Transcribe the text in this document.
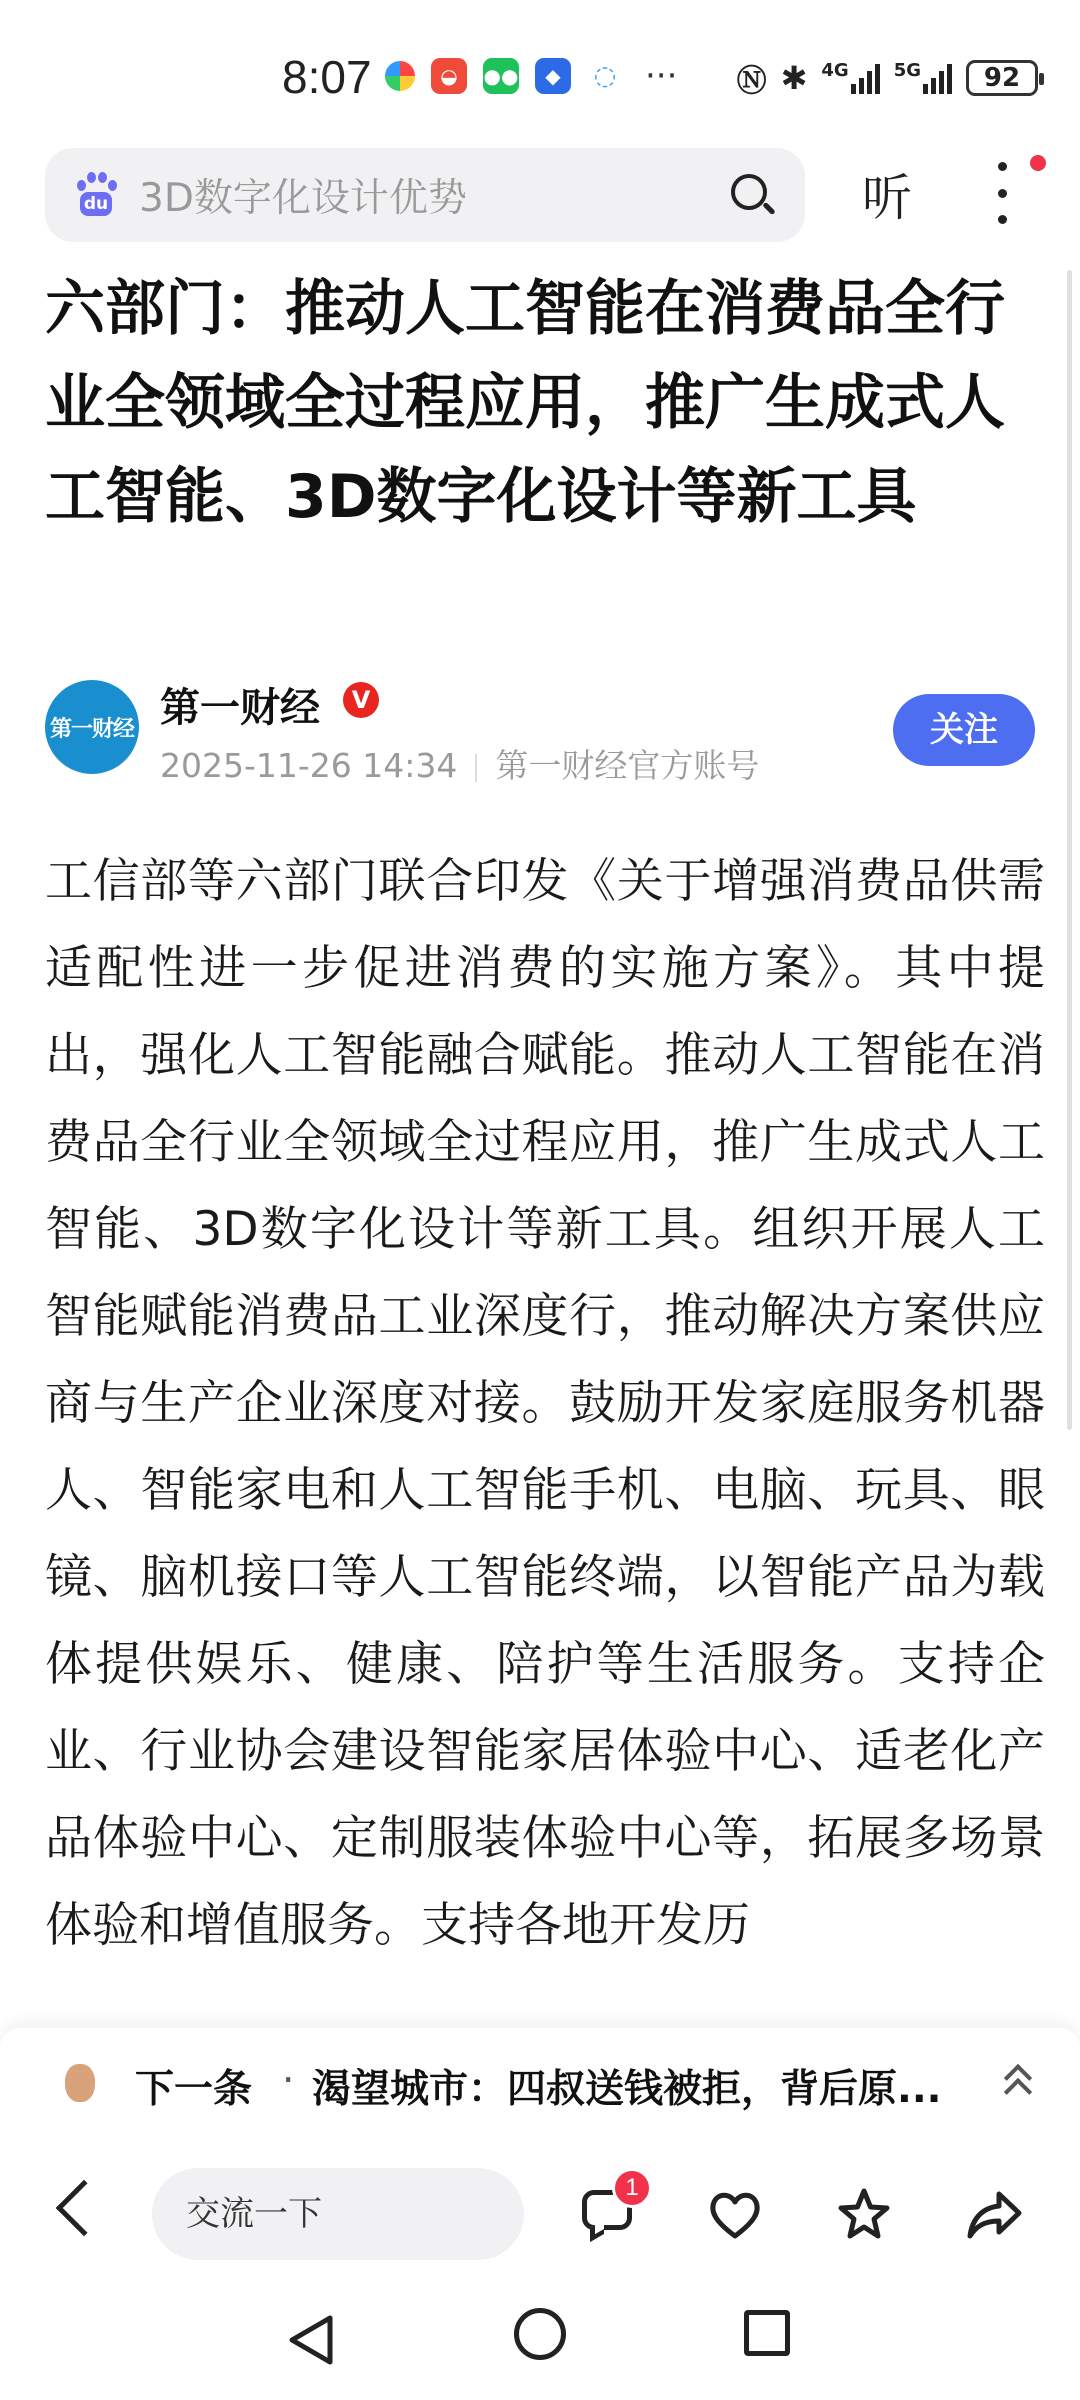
8:07	◒	●●	◆	◌ ··· Ⓝ ✱ 4G	5G	92
du 3D数字化设计优势	听
六部门：推动人工智能在消费品全行业全领域全过程应用，推广生成式人工智能、3D数字化设计等新工具
第一财经 第一财经	V
2025-11-26 14:34 第一财经官方账号
关注
工信部等六部门联合印发《关于增强消费品供需适配性进一步促进消费的实施方案》。其中提出，强化人工智能融合赋能。推动人工智能在消费品全行业全领域全过程应用，推广生成式人工智能、3D数字化设计等新工具。组织开展人工智能赋能消费品工业深度行，推动解决方案供应商与生产企业深度对接。鼓励开发家庭服务机器人、智能家电和人工智能手机、电脑、玩具、眼镜、脑机接口等人工智能终端，以智能产品为载体提供娱乐、健康、陪护等生活服务。支持企业、行业协会建设智能家居体验中心、适老化产品体验中心、定制服装体验中心等，拓展多场景体验和增值服务。支持各地开发历
下一条 · 渴望城市：四叔送钱被拒，背后原...
交流一下
1
